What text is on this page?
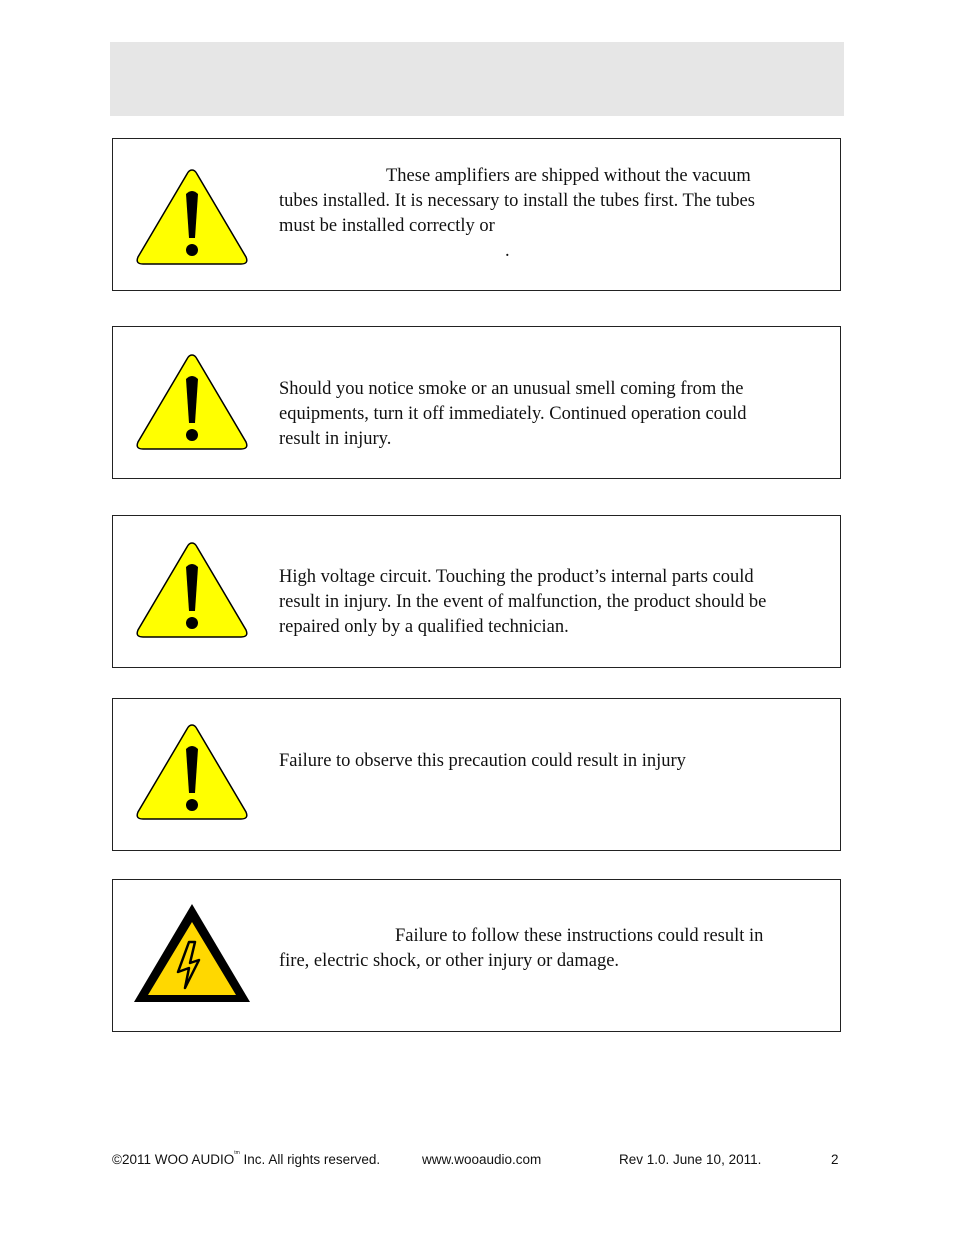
These amplifiers are shipped without the vacuum
tubes installed. It is necessary to install the tubes first. The tubes
must be installed correctly or
.
Should you notice smoke or an unusual smell coming from the
equipments, turn it off immediately. Continued operation could
result in injury.
High voltage circuit. Touching the product’s internal parts could
result in injury. In the event of malfunction, the product should be
repaired only by a qualified technician.
Failure to observe this precaution could result in injury
Failure to follow these instructions could result in
fire, electric shock, or other injury or damage.
©2011 WOO $AUDIO^{tm}$ Inc. All rights reserved.	www.wooaudio.com	Rev 1.0. June 10, 2011.	2
